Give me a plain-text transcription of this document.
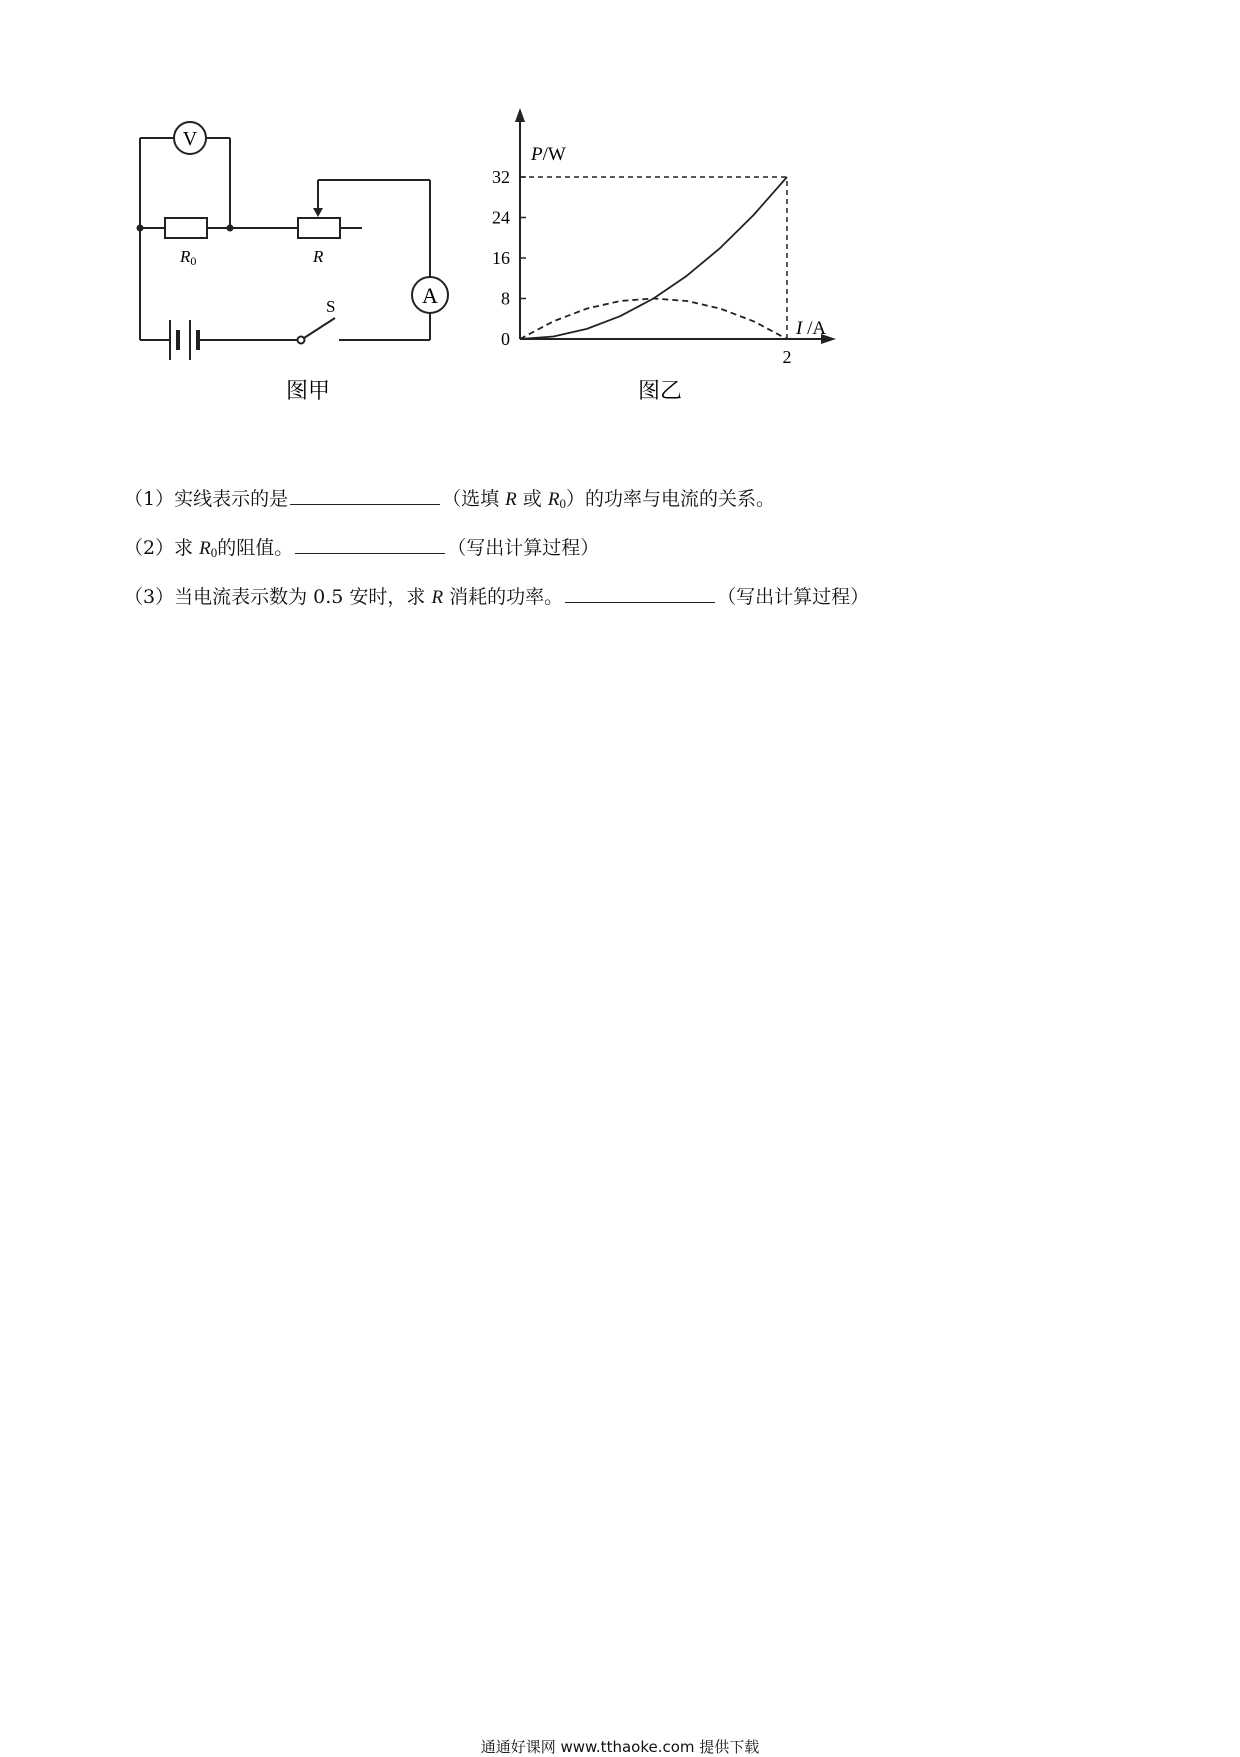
V
R0	R
A
S
图甲
0
8
16
24
32
2
P/W
I /A
图乙
（1）实线表示的是	（选填 R 或 $R_0$）的功率与电流的关系。
（2）求 $R_0$的阻值。	（写出计算过程）
（3）当电流表示数为 0.5 安时，求 R 消耗的功率。	（写出计算过程）
通通好课网 www.tthaoke.com 提供下载
